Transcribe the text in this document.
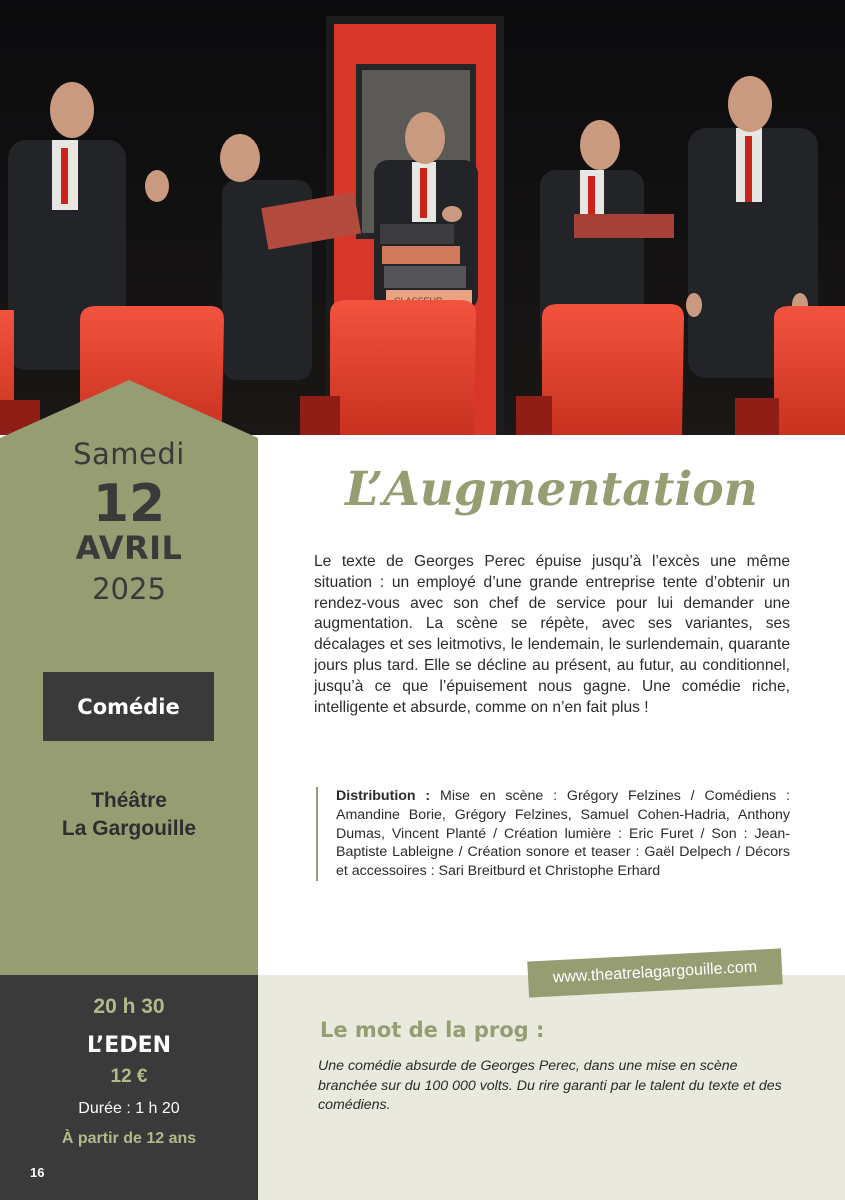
Samedi
12
AVRIL
2025
Comédie
Théâtre
La Gargouille
20 h 30
L’EDEN
12 €
Durée : 1 h 20
À partir de 12 ans
16
L’Augmentation

Le texte de Georges Perec épuise jusqu’à l’excès une même situation : un employé d’une grande entreprise tente d’obtenir un rendez-vous avec son chef de service pour lui demander une augmentation. La scène se répète, avec ses variantes, ses décalages et ses leitmotivs, le lendemain, le surlendemain, quarante jours plus tard. Elle se décline au présent, au futur, au conditionnel, jusqu’à ce que l’épuisement nous gagne. Une comédie riche, intelligente et absurde, comme on n’en fait plus !

Distribution : Mise en scène : Grégory Felzines / Comédiens : Amandine Borie, Grégory Felzines, Samuel Cohen-Hadria, Anthony Dumas, Vincent Planté / Création lumière : Eric Furet / Son : Jean-Baptiste Lableigne / Création sonore et teaser : Gaël Delpech / Décors et accessoires : Sari Breitburd et Christophe Erhard
www.theatrelagargouille.com
Le mot de la prog :

Une comédie absurde de Georges Perec, dans une mise en scène branchée sur du 100 000 volts. Du rire garanti par le talent du texte et des comédiens.
